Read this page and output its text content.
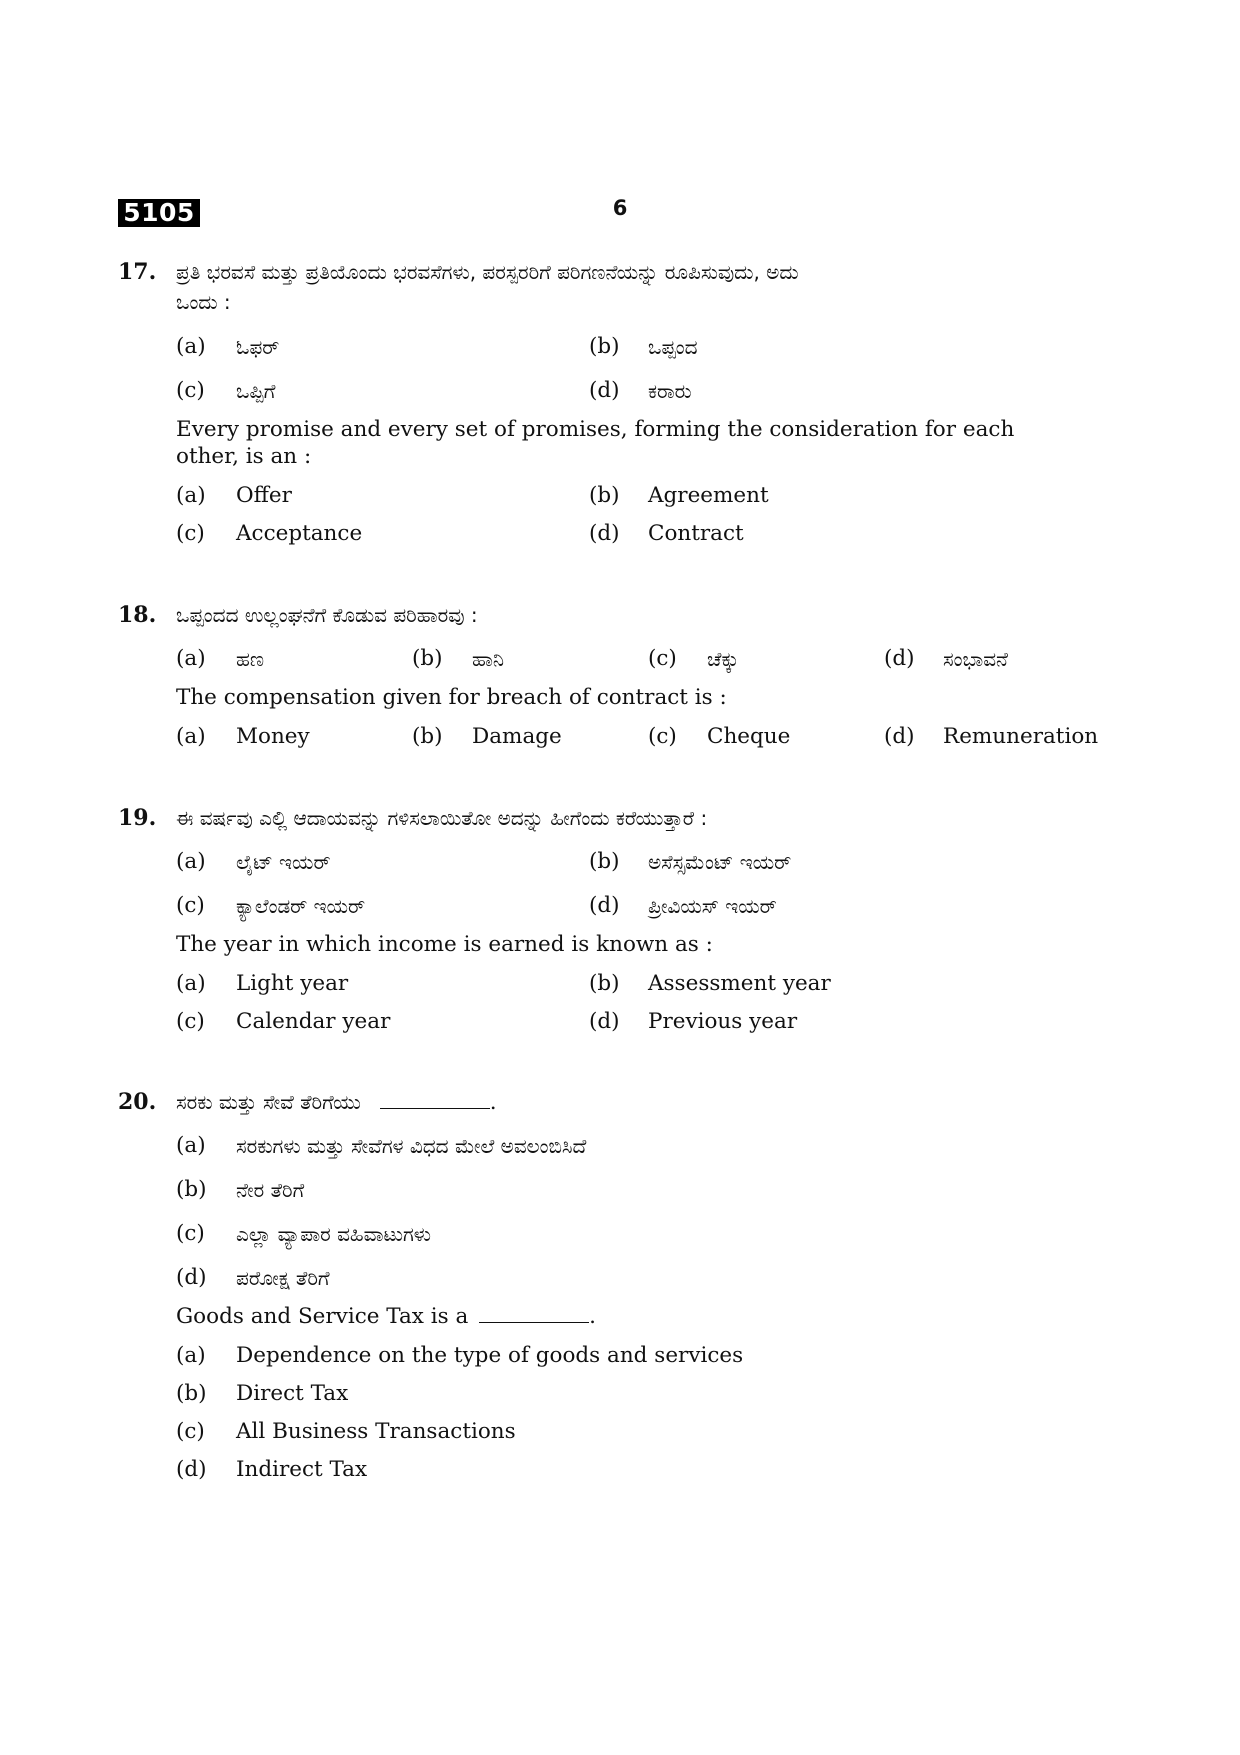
5105	6
17. ಪ್ರತಿ ಭರವಸೆ ಮತ್ತು ಪ್ರತಿಯೊಂದು ಭರವಸೆಗಳು, ಪರಸ್ಪರರಿಗೆ ಪರಿಗಣನೆಯನ್ನು ರೂಪಿಸುವುದು, ಅದು
ಒಂದು :
(a) ಓಫರ್	(b) ಒಪ್ಪಂದ
(c) ಒಪ್ಪಿಗೆ	(d) ಕರಾರು
Every promise and every set of promises, forming the consideration for each
other, is an :
(a) Offer	(b) Agreement
(c) Acceptance	(d) Contract
18. ಒಪ್ಪಂದದ ಉಲ್ಲಂಘನೆಗೆ ಕೊಡುವ ಪರಿಹಾರವು :
(a) ಹಣ	(b) ಹಾನಿ	(c) ಚೆಕ್ಕು	(d) ಸಂಭಾವನೆ
The compensation given for breach of contract is :
(a) Money	(b) Damage	(c) Cheque	(d) Remuneration
19. ಈ ವರ್ಷವು ಎಲ್ಲಿ ಆದಾಯವನ್ನು ಗಳಿಸಲಾಯಿತೋ ಅದನ್ನು ಹೀಗೆಂದು ಕರೆಯುತ್ತಾರೆ :
(a) ಲೈಟ್ ಇಯರ್	(b) ಅಸೆಸ್ಸಮೆಂಟ್ ಇಯರ್
(c) ಕ್ಯಾಲೆಂಡರ್ ಇಯರ್	(d) ಪ್ರೀವಿಯಸ್ ಇಯರ್
The year in which income is earned is known as :
(a) Light year	(b) Assessment year
(c) Calendar year	(d) Previous year
20. ಸರಕು ಮತ್ತು ಸೇವೆ ತೆರಿಗೆಯು	.
(a) ಸರಕುಗಳು ಮತ್ತು ಸೇವೆಗಳ ವಿಧದ ಮೇಲೆ ಅವಲಂಬಿಸಿದೆ
(b) ನೇರ ತೆರಿಗೆ
(c) ಎಲ್ಲಾ ವ್ಯಾಪಾರ ವಹಿವಾಟುಗಳು
(d) ಪರೋಕ್ಷ ತೆರಿಗೆ
Goods and Service Tax is a	.
(a) Dependence on the type of goods and services
(b) Direct Tax
(c) All Business Transactions
(d) Indirect Tax
